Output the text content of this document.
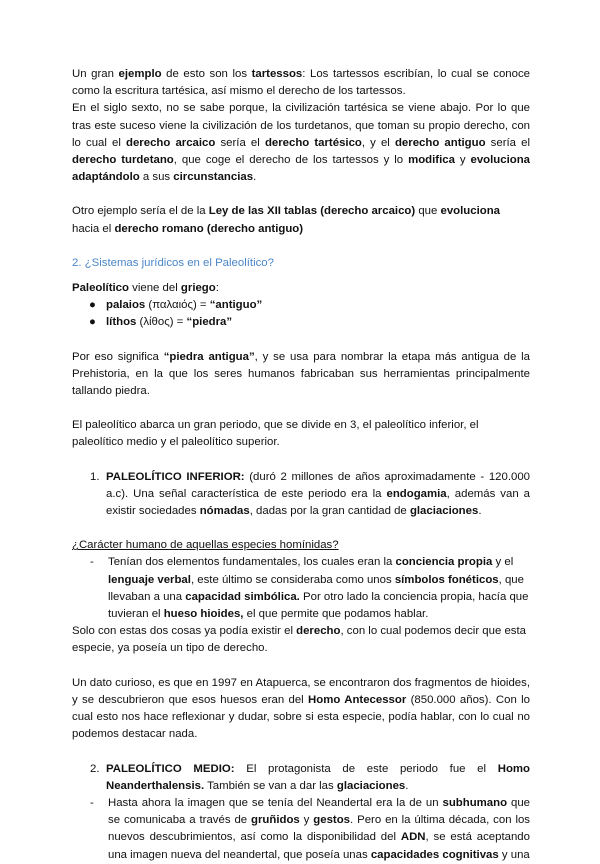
Un gran ejemplo de esto son los tartessos: Los tartessos escribían, lo cual se conoce como la escritura tartésica, así mismo el derecho de los tartessos.

En el siglo sexto, no se sabe porque, la civilización tartésica se viene abajo. Por lo que tras este suceso viene la civilización de los turdetanos, que toman su propio derecho, con lo cual el derecho arcaico sería el derecho tartésico, y el derecho antiguo sería el derecho turdetano, que coge el derecho de los tartessos y lo modifica y evoluciona adaptándolo a sus circunstancias.

Otro ejemplo sería el de la Ley de las XII tablas (derecho arcaico) que evoluciona hacia el derecho romano (derecho antiguo)

2. ¿Sistemas jurídicos en el Paleolítico?

Paleolítico viene del griego:

● palaios (παλαιός) = “antiguo”
● líthos (λίθος) = “piedra”

Por eso significa “piedra antigua”, y se usa para nombrar la etapa más antigua de la Prehistoria, en la que los seres humanos fabricaban sus herramientas principalmente tallando piedra.

El paleolítico abarca un gran periodo, que se divide en 3, el paleolítico inferior, el paleolítico medio y el paleolítico superior.

1. PALEOLÍTICO INFERIOR: (duró 2 millones de años aproximadamente - 120.000 a.c). Una señal característica de este periodo era la endogamia, además van a existir sociedades nómadas, dadas por la gran cantidad de glaciaciones.

¿Carácter humano de aquellas especies homínidas?

- Tenían dos elementos fundamentales, los cuales eran la conciencia propia y el lenguaje verbal, este último se consideraba como unos símbolos fonéticos, que llevaban a una capacidad simbólica. Por otro lado la conciencia propia, hacía que tuvieran el hueso hioides, el que permite que podamos hablar.

Solo con estas dos cosas ya podía existir el derecho, con lo cual podemos decir que esta especie, ya poseía un tipo de derecho.

Un dato curioso, es que en 1997 en Atapuerca, se encontraron dos fragmentos de hioides, y se descubrieron que esos huesos eran del Homo Antecessor (850.000 años). Con lo cual esto nos hace reflexionar y dudar, sobre si esta especie, podía hablar, con lo cual no podemos destacar nada.

2. PALEOLÍTICO MEDIO: El protagonista de este periodo fue el Homo Neanderthalensis. También se van a dar las glaciaciones.

- Hasta ahora la imagen que se tenía del Neandertal era la de un subhumano que se comunicaba a través de gruñidos y gestos. Pero en la última década, con los nuevos descubrimientos, así como la disponibilidad del ADN, se está aceptando una imagen nueva del neandertal, que poseía unas capacidades cognitivas y una
